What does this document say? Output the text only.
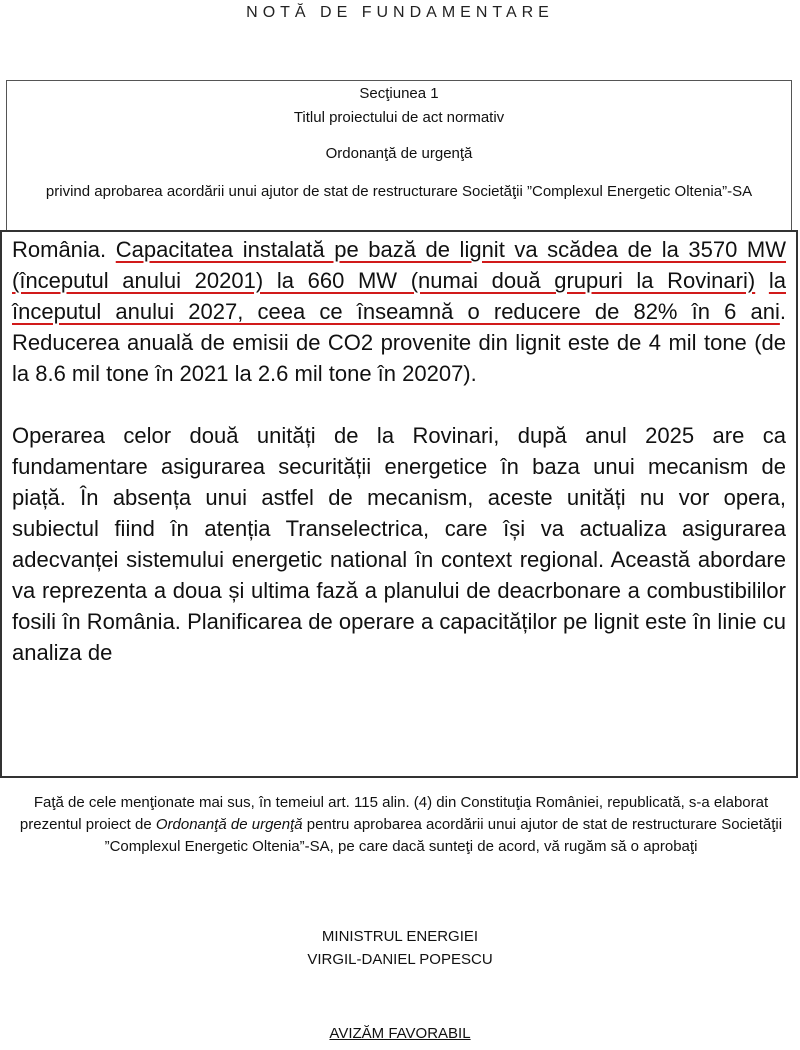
NOTĂ DE FUNDAMENTARE
Secţiunea 1
Titlul proiectului de act normativ
Ordonanţă de urgenţă
privind aprobarea acordării unui ajutor de stat de restructurare Societăţii ”Complexul Energetic Oltenia”-SA

România. Capacitatea instalată pe bază de lignit va scădea de la 3570 MW (începutul anului 20201) la 660 MW (numai două grupuri la Rovinari) la începutul anului 2027, ceea ce înseamnă o reducere de 82% în 6 ani. Reducerea anuală de emisii de CO2 provenite din lignit este de 4 mil tone (de la 8.6 mil tone în 2021 la 2.6 mil tone în 20207).

Operarea celor două unități de la Rovinari, după anul 2025 are ca fundamentare asigurarea securității energetice în baza unui mecanism de piață. În absența unui astfel de mecanism, aceste unități nu vor opera, subiectul fiind în atenția Transelectrica, care își va actualiza asigurarea adecvanței sistemului energetic national în context regional. Această abordare va reprezenta a doua și ultima fază a planului de deacrbonare a combustibililor fosili în România. Planificarea de operare a capacităților pe lignit este în linie cu analiza de

Faţă de cele menţionate mai sus, în temeiul art. 115 alin. (4) din Constituţia României, republicată, s-a elaborat prezentul proiect de Ordonanţă de urgenţă pentru aprobarea acordării unui ajutor de stat de restructurare Societăţii ”Complexul Energetic Oltenia”-SA, pe care dacă sunteţi de acord, vă rugăm să o aprobaţi
MINISTRUL ENERGIEI
VIRGIL-DANIEL POPESCU
AVIZĂM FAVORABIL
